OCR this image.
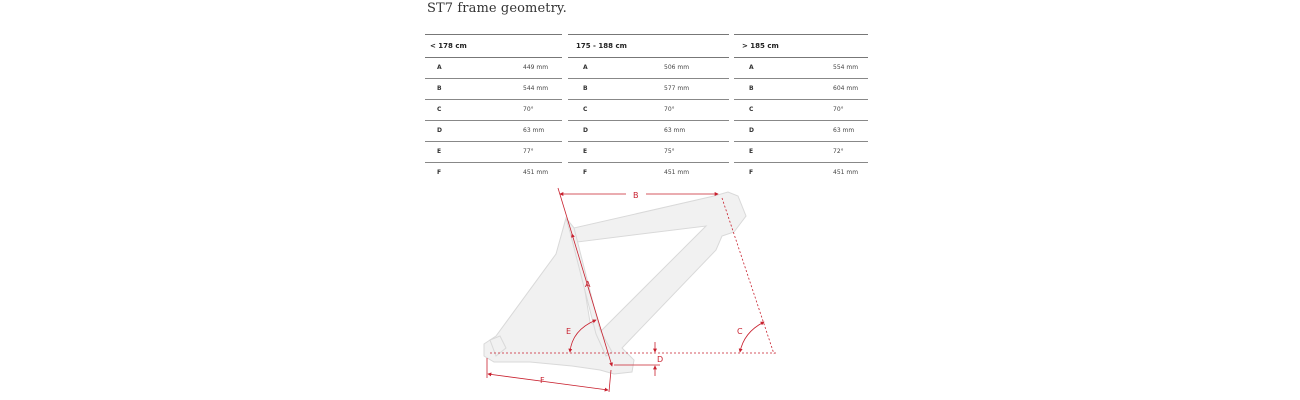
ST7 frame geometry.
< 178 cm
A	449 mm
B	544 mm
C	70°
D	63 mm
E	77°
F	451 mm
175 - 188 cm
A	506 mm
B	577 mm
C	70°
D	63 mm
E	75°
F	451 mm
> 185 cm
A	554 mm
B	604 mm
C	70°
D	63 mm
E	72°
F	451 mm
A
B
C
D
E
F
